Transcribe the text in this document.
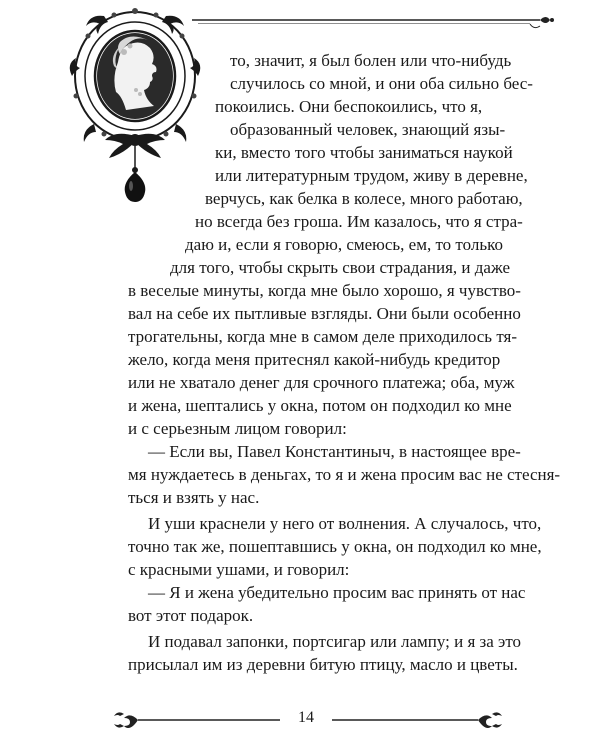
то, значит, я был болен или что-нибудь
случилось со мной, и они оба сильно бес-
покоились. Они беспокоились, что я,
образованный человек, знающий язы-
ки, вместо того чтобы заниматься наукой
или литературным трудом, живу в деревне,
верчусь, как белка в колесе, много работаю,
но всегда без гроша. Им казалось, что я стра-
даю и, если я говорю, смеюсь, ем, то только
для того, чтобы скрыть свои страдания, и даже
в веселые минуты, когда мне было хорошо, я чувство-
вал на себе их пытливые взгляды. Они были особенно
трогательны, когда мне в самом деле приходилось тя-
жело, когда меня притеснял какой-нибудь кредитор
или не хватало денег для срочного платежа; оба, муж
и жена, шептались у окна, потом он подходил ко мне
и с серьезным лицом говорил:
— Если вы, Павел Константиныч, в настоящее вре-
мя нуждаетесь в деньгах, то я и жена просим вас не стесня-
ться и взять у нас.
И уши краснели у него от волнения. А случалось, что,
точно так же, пошептавшись у окна, он подходил ко мне,
с красными ушами, и говорил:
— Я и жена убедительно просим вас принять от нас
вот этот подарок.
И подавал запонки, портсигар или лампу; и я за это
присылал им из деревни битую птицу, масло и цветы.
14
